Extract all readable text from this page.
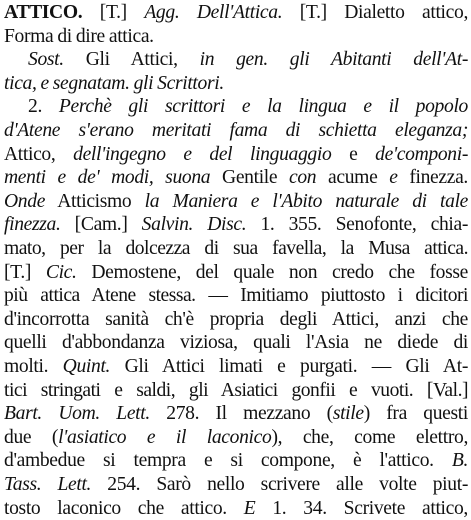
ATTICO. [T.] Agg. Dell'Attica. [T.] Dialetto attico,
Forma di dire attica.
Sost. Gli Attici, in gen. gli Abitanti dell'At-
tica, e segnatam. gli Scrittori.
2. Perchè gli scrittori e la lingua e il popolo
d'Atene s'erano meritati fama di schietta eleganza;
Attico, dell'ingegno e del linguaggio e de'componi-
menti e de' modi, suona Gentile con acume e finezza.
Onde Atticismo la Maniera e l'Abito naturale di tale
finezza. [Cam.] Salvin. Disc. 1. 355. Senofonte, chia-
mato, per la dolcezza di sua favella, la Musa attica.
[T.] Cic. Demostene, del quale non credo che fosse
più attica Atene stessa. — Imitiamo piuttosto i dicitori
d'incorrotta sanità ch'è propria degli Attici, anzi che
quelli d'abbondanza viziosa, quali l'Asia ne diede di
molti. Quint. Gli Attici limati e purgati. — Gli At-
tici stringati e saldi, gli Asiatici gonfii e vuoti. [Val.]
Bart. Uom. Lett. 278. Il mezzano (stile) fra questi
due (l'asiatico e il laconico), che, come elettro,
d'ambedue si tempra e si compone, è l'attico. B.
Tass. Lett. 254. Sarò nello scrivere alle volte piut-
tosto laconico che attico. E 1. 34. Scrivete attico,
